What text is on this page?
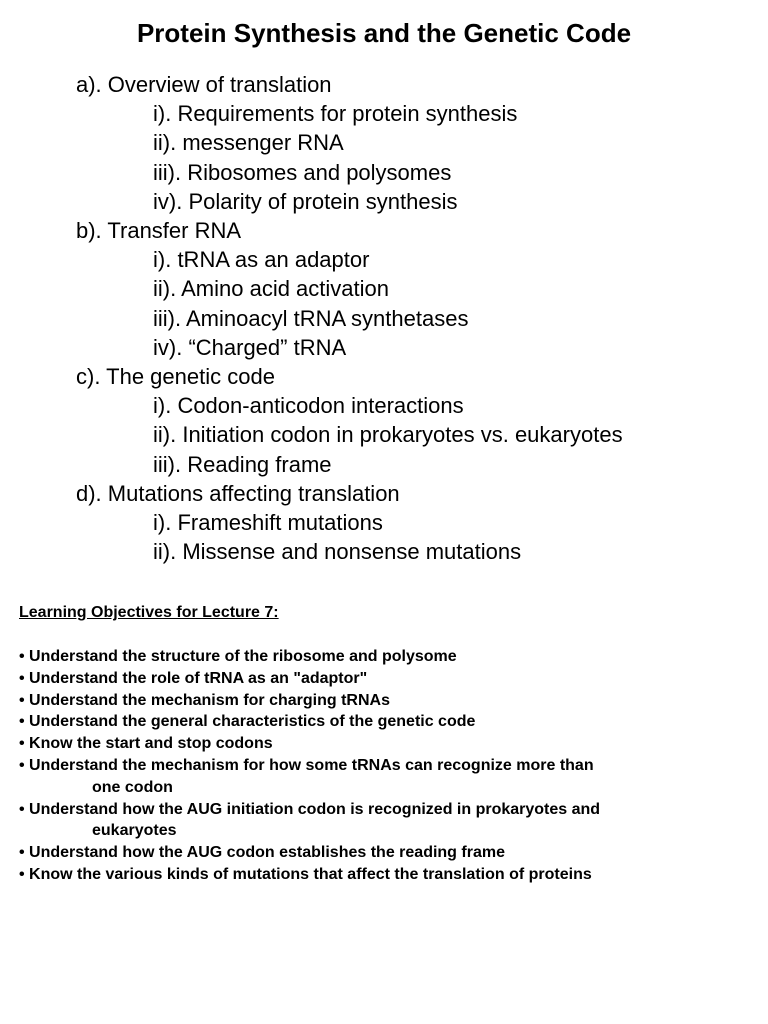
Protein Synthesis and the Genetic Code
a). Overview of translation
i). Requirements for protein synthesis
ii). messenger RNA
iii). Ribosomes and polysomes
iv). Polarity of protein synthesis
b). Transfer RNA
i). tRNA as an adaptor
ii). Amino acid activation
iii). Aminoacyl tRNA synthetases
iv). “Charged” tRNA
c). The genetic code
i). Codon-anticodon interactions
ii). Initiation codon in prokaryotes vs. eukaryotes
iii). Reading frame
d). Mutations affecting translation
i). Frameshift mutations
ii). Missense and nonsense mutations
Learning Objectives for Lecture 7:
• Understand the structure of the ribosome and polysome
• Understand the role of tRNA as an "adaptor"
• Understand the mechanism for charging tRNAs
• Understand the general characteristics of the genetic code
• Know the start and stop codons
• Understand the mechanism for how some tRNAs can recognize more than
one codon
• Understand how the AUG initiation codon is recognized in prokaryotes and
eukaryotes
• Understand how the AUG codon establishes the reading frame
• Know the various kinds of mutations that affect the translation of proteins
